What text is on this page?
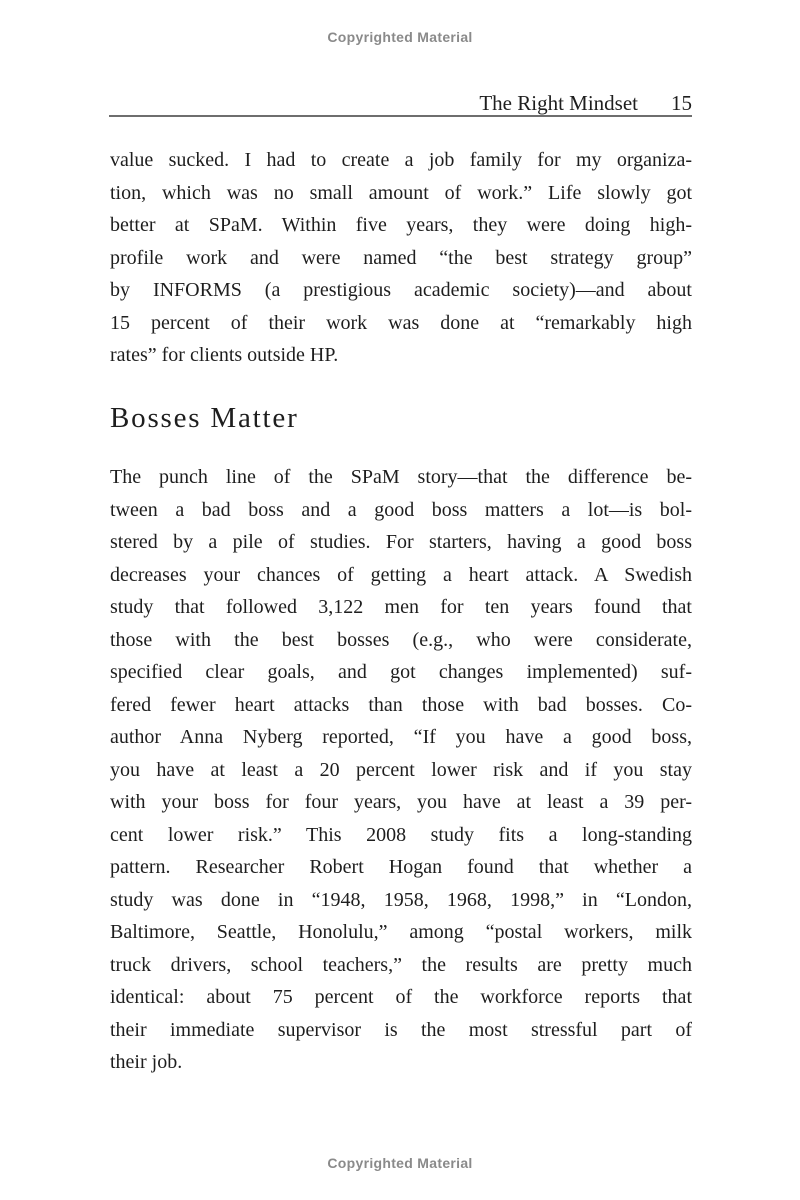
Copyrighted Material
The Right Mindset 15
value sucked. I had to create a job family for my organiza-
tion, which was no small amount of work.” Life slowly got
better at SPaM. Within five years, they were doing high-
profile work and were named “the best strategy group”
by INFORMS (a prestigious academic society)—and about
15 percent of their work was done at “remarkably high
rates” for clients outside HP.
Bosses Matter
The punch line of the SPaM story—that the difference be-
tween a bad boss and a good boss matters a lot—is bol-
stered by a pile of studies. For starters, having a good boss
decreases your chances of getting a heart attack. A Swedish
study that followed 3,122 men for ten years found that
those with the best bosses (e.g., who were considerate,
specified clear goals, and got changes implemented) suf-
fered fewer heart attacks than those with bad bosses. Co-
author Anna Nyberg reported, “If you have a good boss,
you have at least a 20 percent lower risk and if you stay
with your boss for four years, you have at least a 39 per-
cent lower risk.” This 2008 study fits a long-standing
pattern. Researcher Robert Hogan found that whether a
study was done in “1948, 1958, 1968, 1998,” in “London,
Baltimore, Seattle, Honolulu,” among “postal workers, milk
truck drivers, school teachers,” the results are pretty much
identical: about 75 percent of the workforce reports that
their immediate supervisor is the most stressful part of
their job.
Copyrighted Material
